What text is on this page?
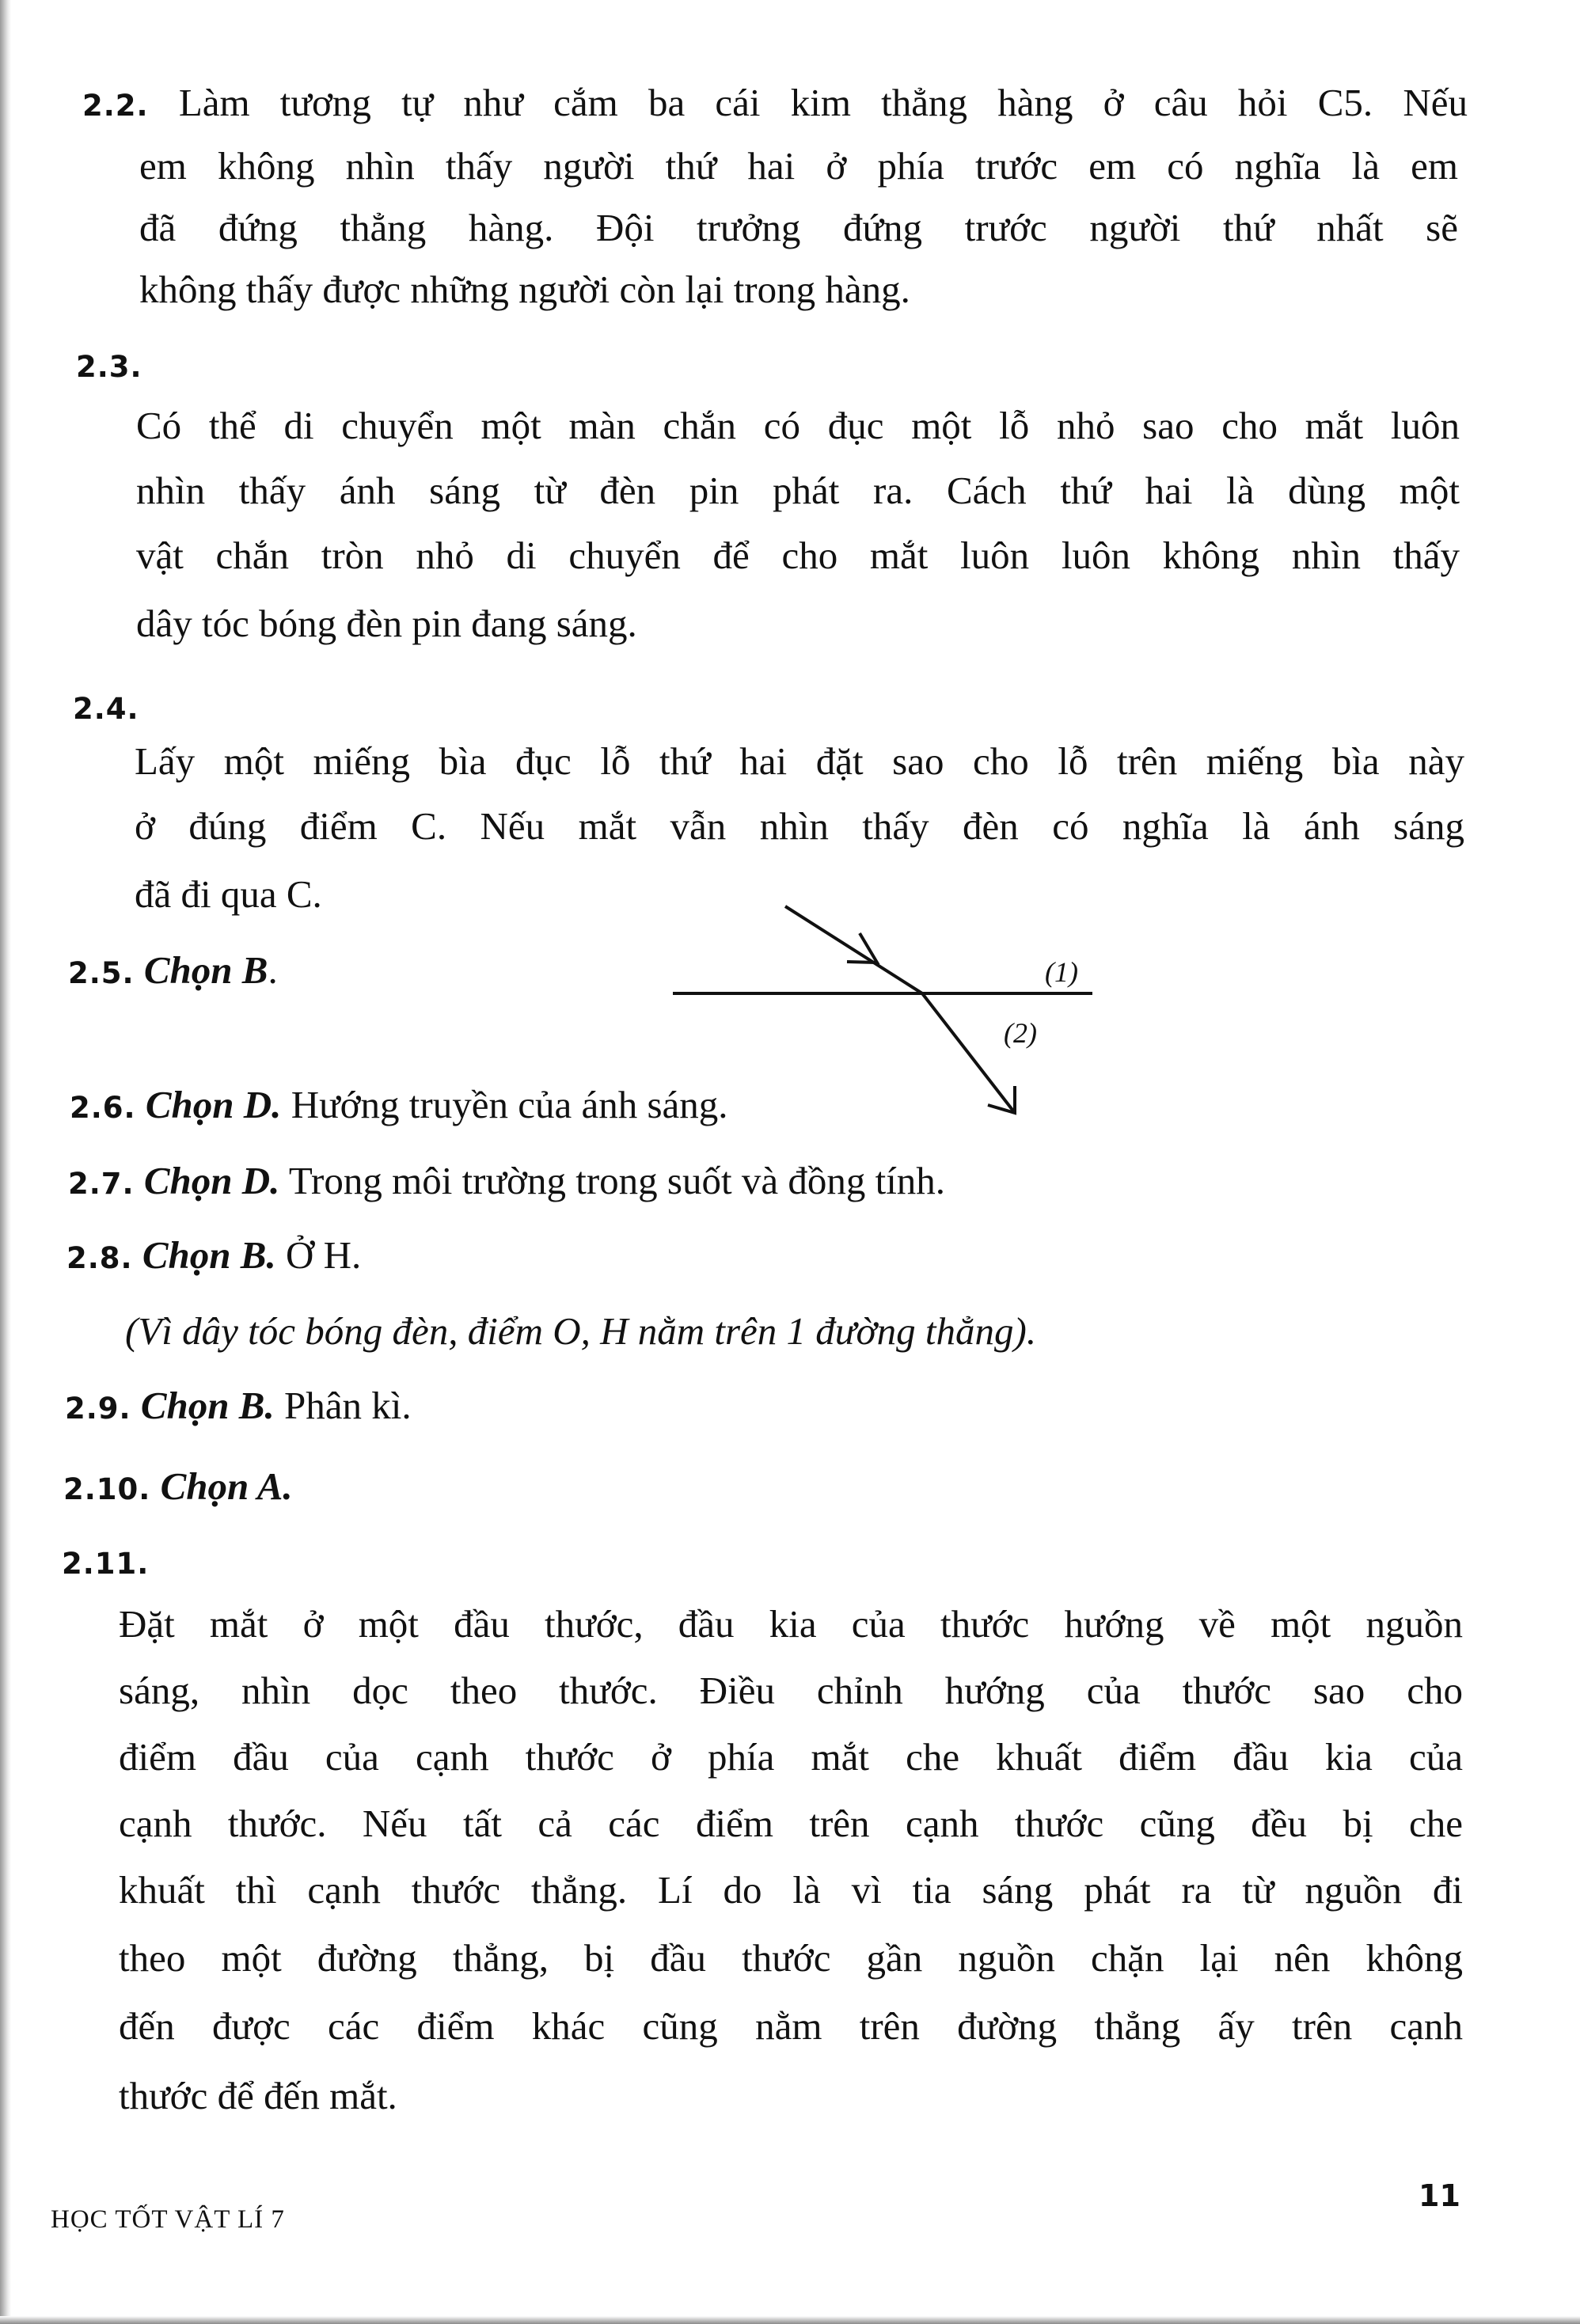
2.2. Làm tương tự như cắm ba cái kim thẳng hàng ở câu hỏi C5. Nếu

em không nhìn thấy người thứ hai ở phía trước em có nghĩa là em

đã đứng thẳng hàng. Đội trưởng đứng trước người thứ nhất sẽ

không thấy được những người còn lại trong hàng.

2.3.

Có thể di chuyển một màn chắn có đục một lỗ nhỏ sao cho mắt luôn

nhìn thấy ánh sáng từ đèn pin phát ra. Cách thứ hai là dùng một

vật chắn tròn nhỏ di chuyển để cho mắt luôn luôn không nhìn thấy

dây tóc bóng đèn pin đang sáng.

2.4.

Lấy một miếng bìa đục lỗ thứ hai đặt sao cho lỗ trên miếng bìa này

ở đúng điểm C. Nếu mắt vẫn nhìn thấy đèn có nghĩa là ánh sáng

đã đi qua C.

2.5. Chọn B.	(1)
(2)

2.6. Chọn D. Hướng truyền của ánh sáng.

2.7. Chọn D. Trong môi trường trong suốt và đồng tính.

2.8. Chọn B. Ở H.

(Vì dây tóc bóng đèn, điểm O, H nằm trên 1 đường thẳng).

2.9. Chọn B. Phân kì.

2.10. Chọn A.

2.11.

Đặt mắt ở một đầu thước, đầu kia của thước hướng về một nguồn

sáng, nhìn dọc theo thước. Điều chỉnh hướng của thước sao cho

điểm đầu của cạnh thước ở phía mắt che khuất điểm đầu kia của

cạnh thước. Nếu tất cả các điểm trên cạnh thước cũng đều bị che

khuất thì cạnh thước thẳng. Lí do là vì tia sáng phát ra từ nguồn đi

theo một đường thẳng, bị đầu thước gần nguồn chặn lại nên không

đến được các điểm khác cũng nằm trên đường thẳng ấy trên cạnh

thước để đến mắt.

HỌC TỐT VẬT LÍ 7

11
